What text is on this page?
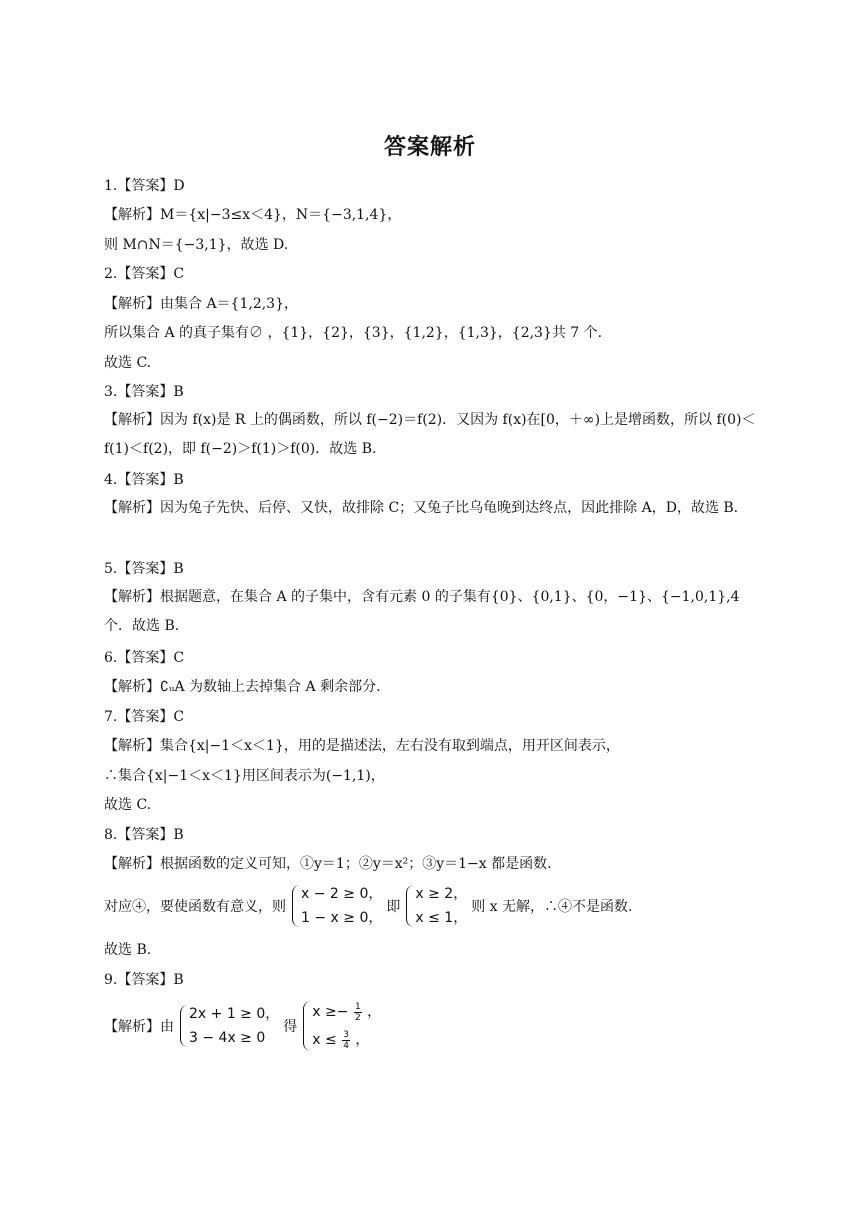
答案解析
1.【答案】D
【解析】M＝{x|−3≤x＜4}，N＝{−3,1,4}，
则 M∩N＝{−3,1}，故选 D.
2.【答案】C
【解析】由集合 A＝{1,2,3}，
所以集合 A 的真子集有∅ ，{1}，{2}，{3}，{1,2}，{1,3}，{2,3}共 7 个.
故选 C.
3.【答案】B
【解析】因为 f(x)是 R 上的偶函数，所以 f(−2)＝f(2)．又因为 f(x)在[0，＋∞)上是增函数，所以 f(0)＜f(1)＜f(2)，即 f(−2)＞f(1)＞f(0)．故选 B.
4.【答案】B
【解析】因为兔子先快、后停、又快，故排除 C；又兔子比乌龟晚到达终点，因此排除 A，D，故选 B.
5.【答案】B
【解析】根据题意，在集合 A 的子集中，含有元素 0 的子集有{0}、{0,1}、{0，−1}、{−1,0,1},4 个．故选 B.
6.【答案】C
【解析】∁ᵤA 为数轴上去掉集合 A 剩余部分.
7.【答案】C
【解析】集合{x|−1＜x＜1}，用的是描述法，左右没有取到端点，用开区间表示，
∴集合{x|−1＜x＜1}用区间表示为(−1,1)，
故选 C.
8.【答案】B
【解析】根据函数的定义可知，①y＝1；②y＝x²；③y＝1−x 都是函数.
对应④，要使函数有意义，则
x − 2 ≥ 0，
1 − x ≥ 0，
即
x ≥ 2，
x ≤ 1，
则 x 无解，∴④不是函数.
故选 B.
9.【答案】B
【解析】由
2x + 1 ≥ 0，
3 − 4x ≥ 0
得
$x \ge- \frac{1}{2}$ ，
$x \le \frac{3}{4}$ ，
